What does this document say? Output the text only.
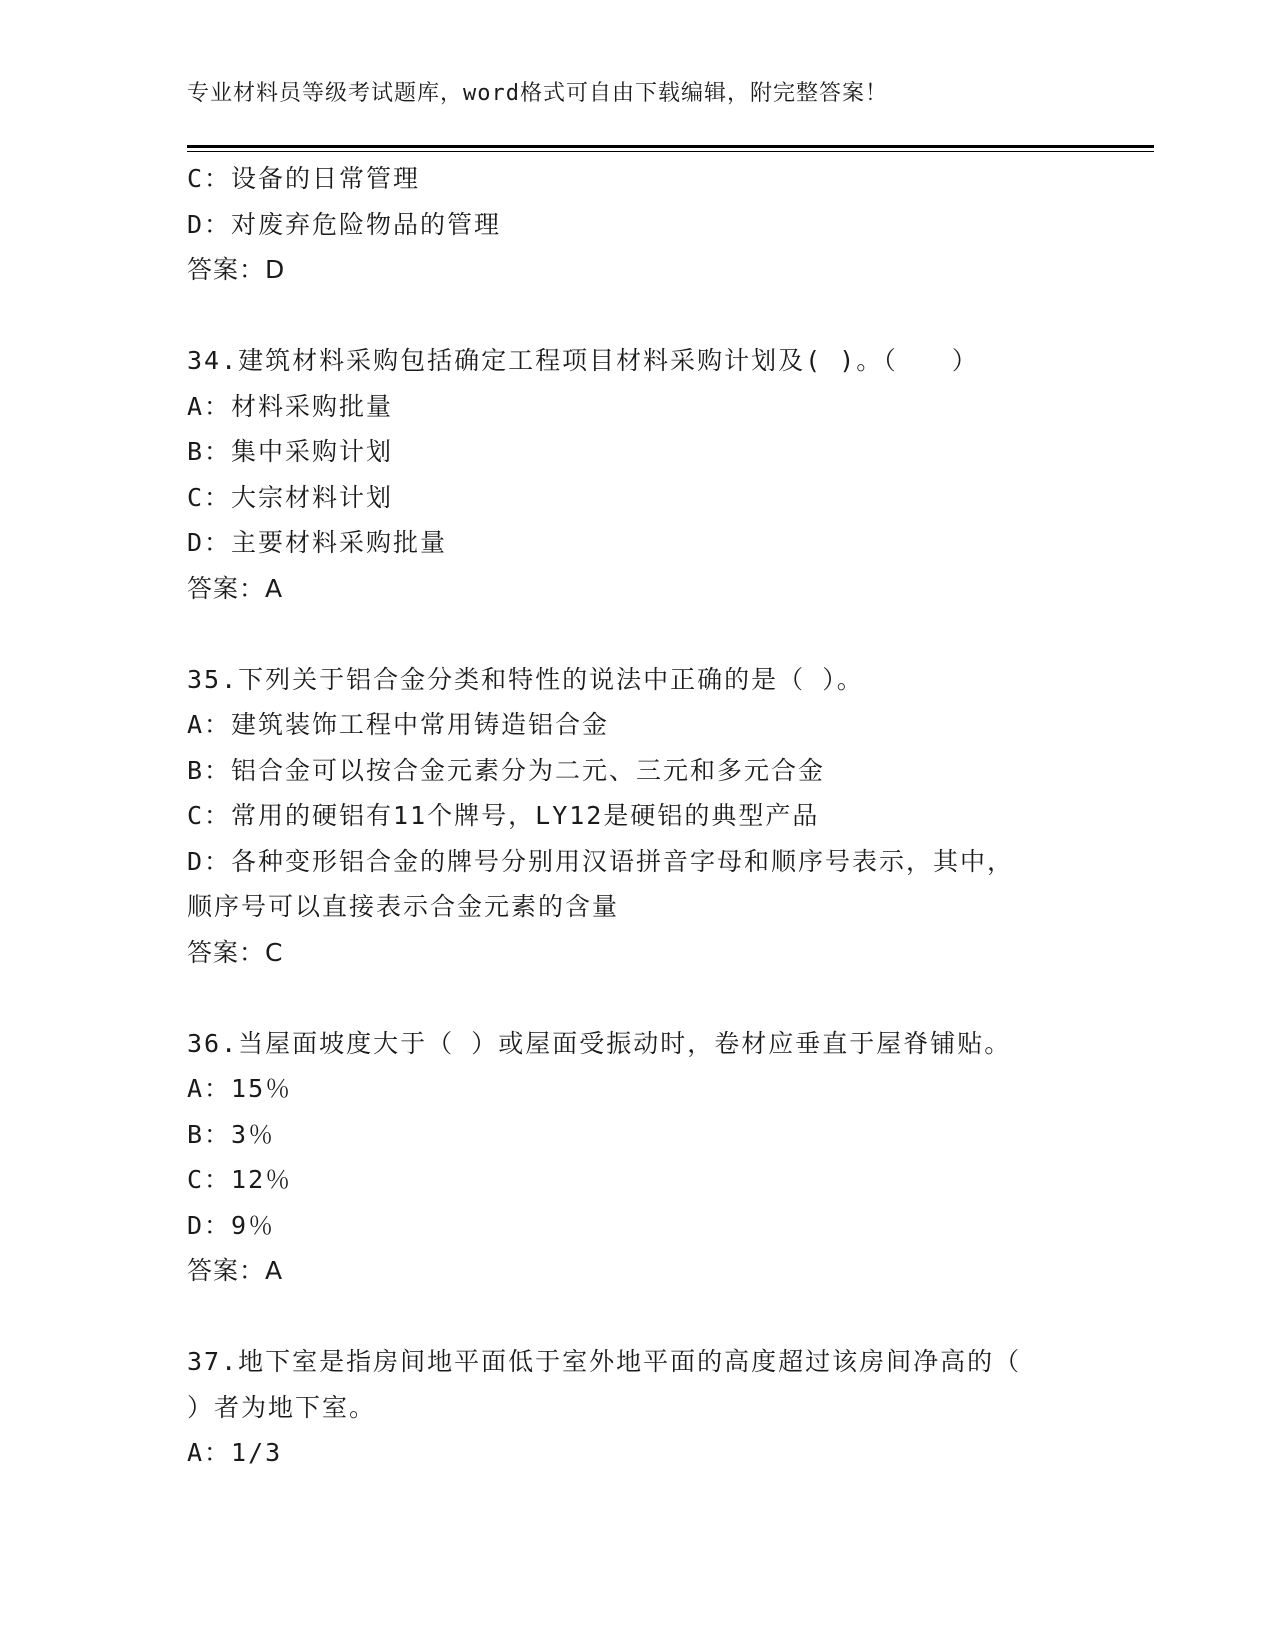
专业材料员等级考试题库，word格式可自由下载编辑，附完整答案！
C：设备的日常管理
D：对废弃危险物品的管理
答案：D
34.建筑材料采购包括确定工程项目材料采购计划及( )。（　　）
A：材料采购批量
B：集中采购计划
C：大宗材料计划
D：主要材料采购批量
答案：A
35.下列关于铝合金分类和特性的说法中正确的是（ ）。
A：建筑装饰工程中常用铸造铝合金
B：铝合金可以按合金元素分为二元、三元和多元合金
C：常用的硬铝有11个牌号，LY12是硬铝的典型产品
D：各种变形铝合金的牌号分别用汉语拼音字母和顺序号表示，其中，
顺序号可以直接表示合金元素的含量
答案：C
36.当屋面坡度大于（ ）或屋面受振动时，卷材应垂直于屋脊铺贴。
A：15％
B：3％
C：12％
D：9％
答案：A
37.地下室是指房间地平面低于室外地平面的高度超过该房间净高的（
）者为地下室。
A：1/3
